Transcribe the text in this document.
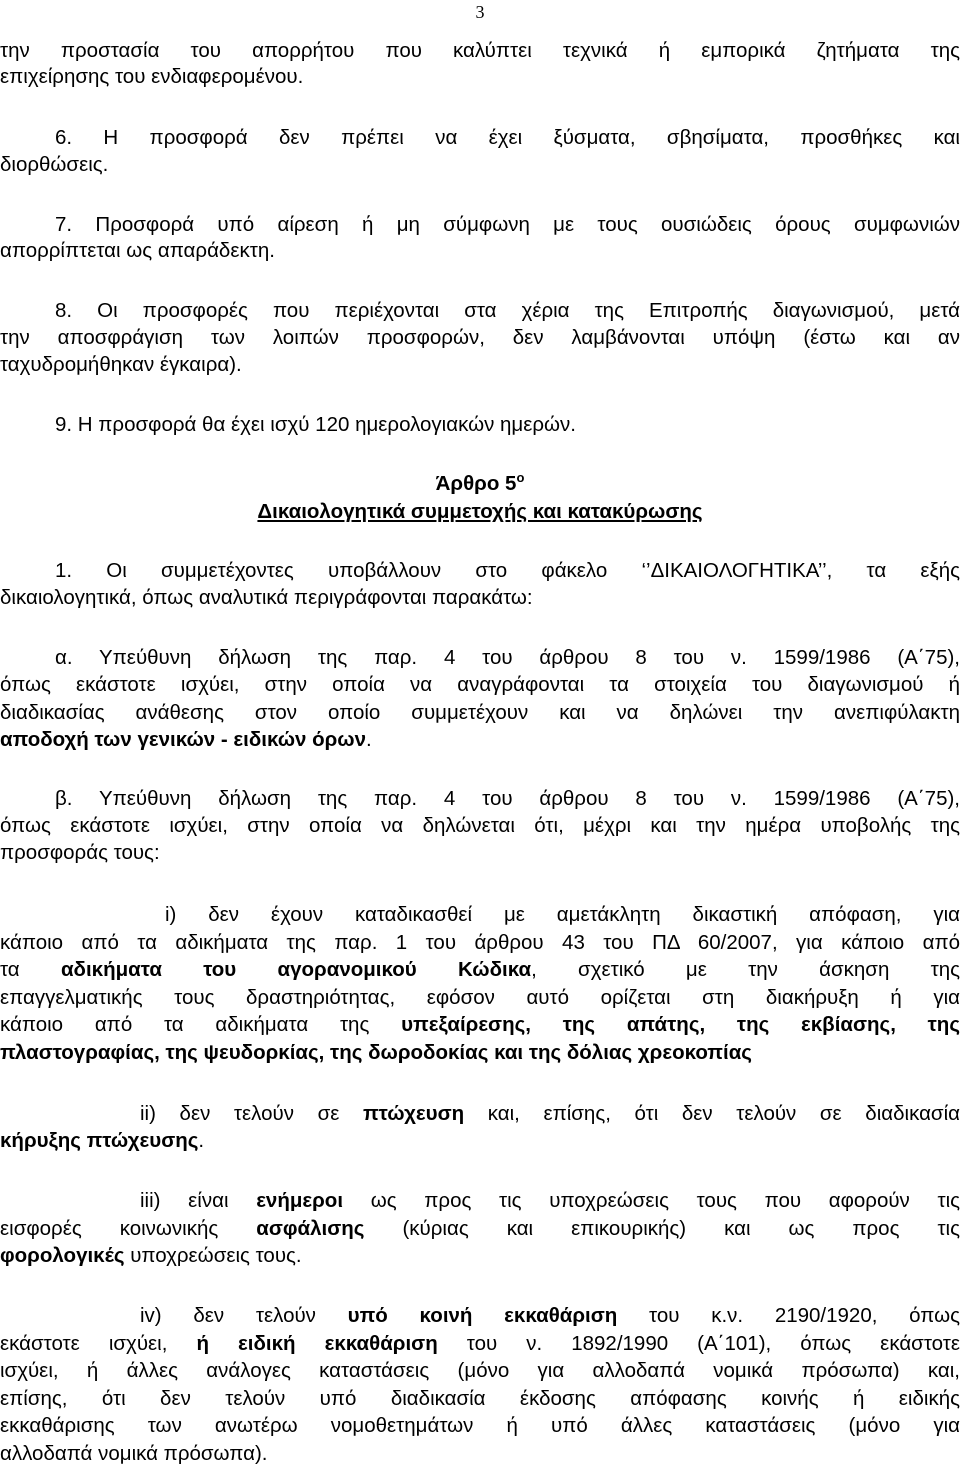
3
την προστασία του απορρήτου που καλύπτει τεχνικά ή εμπορικά ζητήματα της
επιχείρησης του ενδιαφερομένου.
6. Η προσφορά δεν πρέπει να έχει ξύσματα, σβησίματα, προσθήκες και
διορθώσεις.
7. Προσφορά υπό αίρεση ή μη σύμφωνη με τους ουσιώδεις όρους συμφωνιών
απορρίπτεται ως απαράδεκτη.
8. Οι προσφορές που περιέχονται στα χέρια της Επιτροπής διαγωνισμού, μετά
την αποσφράγιση των λοιπών προσφορών, δεν λαμβάνονται υπόψη (έστω και αν
ταχυδρομήθηκαν έγκαιρα).
9. Η προσφορά θα έχει ισχύ 120 ημερολογιακών ημερών.
Άρθρο $5^o$
Δικαιολογητικά συμμετοχής και κατακύρωσης
1. Οι συμμετέχοντες υποβάλλουν στο φάκελο ‘’ΔΙΚΑΙΟΛΟΓΗΤΙΚΑ’’, τα εξής
δικαιολογητικά, όπως αναλυτικά περιγράφονται παρακάτω:
α. Υπεύθυνη δήλωση της παρ. 4 του άρθρου 8 του ν. 1599/1986 (Α΄75),
όπως εκάστοτε ισχύει, στην οποία να αναγράφονται τα στοιχεία του διαγωνισμού ή
διαδικασίας ανάθεσης στον οποίο συμμετέχουν και να δηλώνει την ανεπιφύλακτη
αποδοχή των γενικών - ειδικών όρων.
β. Υπεύθυνη δήλωση της παρ. 4 του άρθρου 8 του ν. 1599/1986 (Α΄75),
όπως εκάστοτε ισχύει, στην οποία να δηλώνεται ότι, μέχρι και την ημέρα υποβολής της
προσφοράς τους:
i) δεν έχουν καταδικασθεί με αμετάκλητη δικαστική απόφαση, για
κάποιο από τα αδικήματα της παρ. 1 του άρθρου 43 του ΠΔ 60/2007, για κάποιο από
τα αδικήματα του αγορανομικού Κώδικα, σχετικό με την άσκηση της
επαγγελματικής τους δραστηριότητας, εφόσον αυτό ορίζεται στη διακήρυξη ή για
κάποιο από τα αδικήματα της υπεξαίρεσης, της απάτης, της εκβίασης, της
πλαστογραφίας, της ψευδορκίας, της δωροδοκίας και της δόλιας χρεοκοπίας
ii) δεν τελούν σε πτώχευση και, επίσης, ότι δεν τελούν σε διαδικασία
κήρυξης πτώχευσης.
iii) είναι ενήμεροι ως προς τις υποχρεώσεις τους που αφορούν τις
εισφορές κοινωνικής ασφάλισης (κύριας και επικουρικής) και ως προς τις
φορολογικές υποχρεώσεις τους.
iv) δεν τελούν υπό κοινή εκκαθάριση του κ.ν. 2190/1920, όπως
εκάστοτε ισχύει, ή ειδική εκκαθάριση του ν. 1892/1990 (Α΄101), όπως εκάστοτε
ισχύει, ή άλλες ανάλογες καταστάσεις (μόνο για αλλοδαπά νομικά πρόσωπα) και,
επίσης, ότι δεν τελούν υπό διαδικασία έκδοσης απόφασης κοινής ή ειδικής
εκκαθάρισης των ανωτέρω νομοθετημάτων ή υπό άλλες καταστάσεις (μόνο για
αλλοδαπά νομικά πρόσωπα).
